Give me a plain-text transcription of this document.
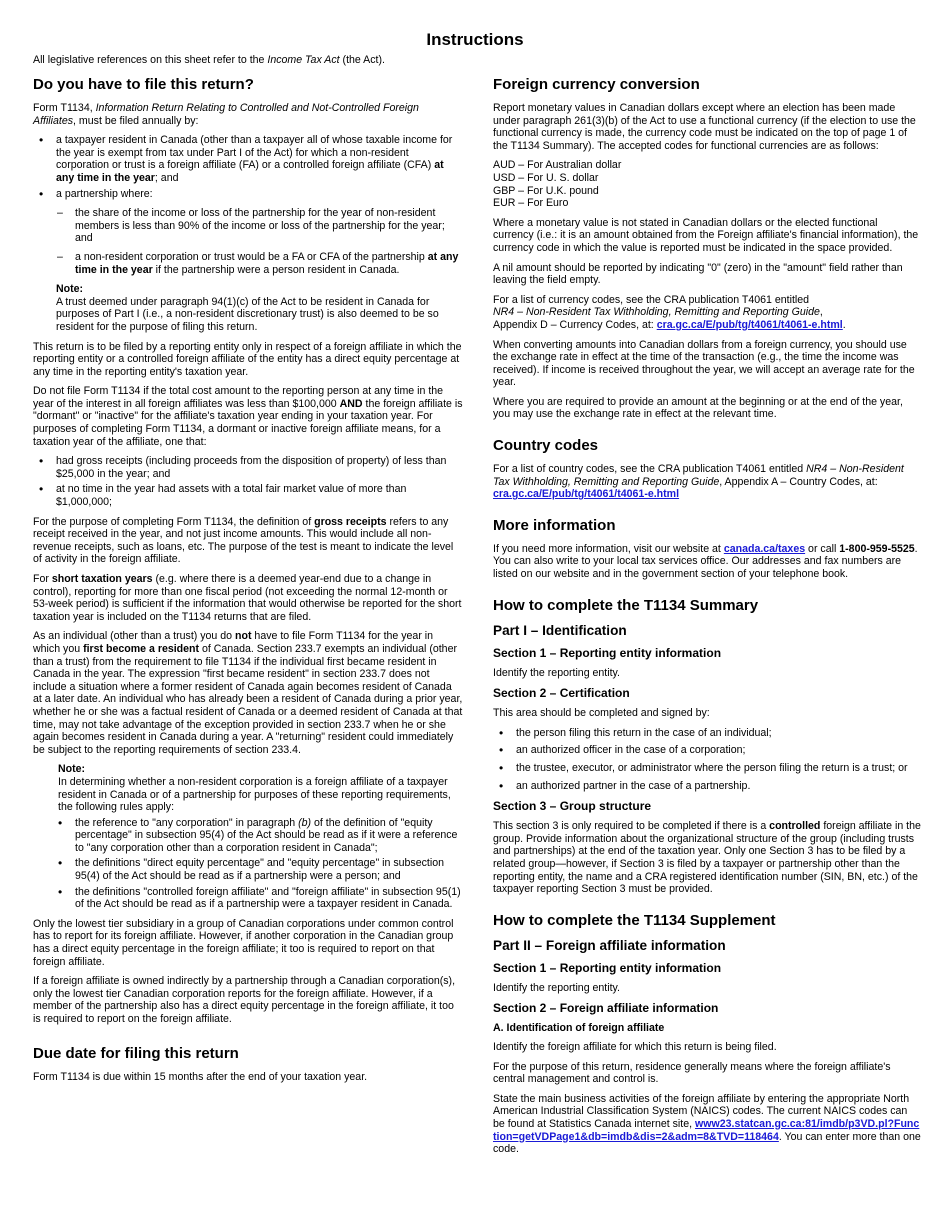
Instructions
All legislative references on this sheet refer to the Income Tax Act (the Act).
Do you have to file this return?

Form T1134, Information Return Relating to Controlled and Not-Controlled Foreign Affiliates, must be filed annually by:

• a taxpayer resident in Canada (other than a taxpayer all of whose taxable income for the year is exempt from tax under Part I of the Act) for which a non-resident corporation or trust is a foreign affiliate (FA) or a controlled foreign affiliate (CFA) at any time in the year; and
• a partnership where:
– the share of the income or loss of the partnership for the year of non-resident members is less than 90% of the income or loss of the partnership for the year; and
– a non-resident corporation or trust would be a FA or CFA of the partnership at any time in the year if the partnership were a person resident in Canada.
Note:
A trust deemed under paragraph 94(1)(c) of the Act to be resident in Canada for purposes of Part I (i.e., a non-resident discretionary trust) is also deemed to be so resident for the purpose of filing this return.

This return is to be filed by a reporting entity only in respect of a foreign affiliate in which the reporting entity or a controlled foreign affiliate of the entity has a direct equity percentage at any time in the reporting entity's taxation year.

Do not file Form T1134 if the total cost amount to the reporting person at any time in the year of the interest in all foreign affiliates was less than $100,000 AND the foreign affiliate is "dormant" or "inactive" for the affiliate's taxation year ending in your taxation year. For purposes of completing Form T1134, a dormant or inactive foreign affiliate means, for a taxation year of the affiliate, one that:

• had gross receipts (including proceeds from the disposition of property) of less than $25,000 in the year; and
• at no time in the year had assets with a total fair market value of more than $1,000,000;

For the purpose of completing Form T1134, the definition of gross receipts refers to any receipt received in the year, and not just income amounts. This would include all non-revenue receipts, such as loans, etc. The purpose of the test is meant to indicate the level of activity in the foreign affiliate.

For short taxation years (e.g. where there is a deemed year-end due to a change in control), reporting for more than one fiscal period (not exceeding the normal 12-month or 53-week period) is sufficient if the information that would otherwise be reported for the short taxation year is included on the T1134 returns that are filed.

As an individual (other than a trust) you do not have to file Form T1134 for the year in which you first become a resident of Canada. Section 233.7 exempts an individual (other than a trust) from the requirement to file T1134 if the individual first became resident in Canada in the year. The expression "first became resident" in section 233.7 does not include a situation where a former resident of Canada again becomes resident of Canada at a later date. An individual who has already been a resident of Canada during a prior year, whether he or she was a factual resident of Canada or a deemed resident of Canada at that time, may not take advantage of the exception provided in section 233.7 when he or she again becomes resident in Canada during a year. A "returning" resident could immediately be subject to the reporting requirements of section 233.4.

Note:
In determining whether a non-resident corporation is a foreign affiliate of a taxpayer resident in Canada or of a partnership for purposes of these reporting requirements, the following rules apply:
• the reference to "any corporation" in paragraph (b) of the definition of "equity percentage" in subsection 95(4) of the Act should be read as if it were a reference to "any corporation other than a corporation resident in Canada";
• the definitions "direct equity percentage" and "equity percentage" in subsection 95(4) of the Act should be read as if a partnership were a person; and
• the definitions "controlled foreign affiliate" and "foreign affiliate" in subsection 95(1) of the Act should be read as if a partnership were a taxpayer resident in Canada.

Only the lowest tier subsidiary in a group of Canadian corporations under common control has to report for its foreign affiliate. However, if another corporation in the Canadian group has a direct equity percentage in the foreign affiliate; it too is required to report on that foreign affiliate.

If a foreign affiliate is owned indirectly by a partnership through a Canadian corporation(s), only the lowest tier Canadian corporation reports for the foreign affiliate. However, if a member of the partnership also has a direct equity percentage in the foreign affiliate, it too is required to report on the foreign affiliate.

Due date for filing this return

Form T1134 is due within 15 months after the end of your taxation year.

Foreign currency conversion

Report monetary values in Canadian dollars except where an election has been made under paragraph 261(3)(b) of the Act to use a functional currency (if the election to use the functional currency is made, the currency code must be indicated on the top of page 1 of the T1134 Summary). The accepted codes for functional currencies are as follows:

AUD – For Australian dollar
USD – For U. S. dollar
GBP – For U.K. pound
EUR – For Euro

Where a monetary value is not stated in Canadian dollars or the elected functional currency (i.e.: it is an amount obtained from the Foreign affiliate's financial information), the currency code in which the value is reported must be indicated in the space provided.

A nil amount should be reported by indicating "0" (zero) in the "amount" field rather than leaving the field empty.

For a list of currency codes, see the CRA publication T4061 entitled
NR4 – Non-Resident Tax Withholding, Remitting and Reporting Guide,
Appendix D – Currency Codes, at: cra.gc.ca/E/pub/tg/t4061/t4061-e.html.

When converting amounts into Canadian dollars from a foreign currency, you should use the exchange rate in effect at the time of the transaction (e.g., the time the income was received). If income is received throughout the year, we will accept an average rate for the year.

Where you are required to provide an amount at the beginning or at the end of the year, you may use the exchange rate in effect at the relevant time.

Country codes

For a list of country codes, see the CRA publication T4061 entitled NR4 – Non-Resident Tax Withholding, Remitting and Reporting Guide, Appendix A – Country Codes, at: cra.gc.ca/E/pub/tg/t4061/t4061-e.html

More information

If you need more information, visit our website at canada.ca/taxes or call 1-800-959-5525. You can also write to your local tax services office. Our addresses and fax numbers are listed on our website and in the government section of your telephone book.

How to complete the T1134 Summary
Part I – Identification
Section 1 – Reporting entity information

Identify the reporting entity.

Section 2 – Certification

This area should be completed and signed by:

• the person filing this return in the case of an individual;
• an authorized officer in the case of a corporation;
• the trustee, executor, or administrator where the person filing the return is a trust; or
• an authorized partner in the case of a partnership.
Section 3 – Group structure

This section 3 is only required to be completed if there is a controlled foreign affiliate in the group. Provide information about the organizational structure of the group (including trusts and partnerships) at the end of the taxation year. Only one Section 3 has to be filed by a related group—however, if Section 3 is filed by a taxpayer or partnership other than the reporting entity, the name and a CRA registered identification number (SIN, BN, etc.) of the taxpayer reporting Section 3 must be provided.

How to complete the T1134 Supplement
Part II – Foreign affiliate information
Section 1 – Reporting entity information

Identify the reporting entity.

Section 2 – Foreign affiliate information
A. Identification of foreign affiliate

Identify the foreign affiliate for which this return is being filed.

For the purpose of this return, residence generally means where the foreign affiliate's central management and control is.

State the main business activities of the foreign affiliate by entering the appropriate North American Industrial Classification System (NAICS) codes. The current NAICS codes can be found at Statistics Canada internet site, www23.statcan.gc.ca:81/imdb/p3VD.pl?Function=getVDPage1&db=imdb&dis=2&adm=8&TVD=118464. You can enter more than one code.
